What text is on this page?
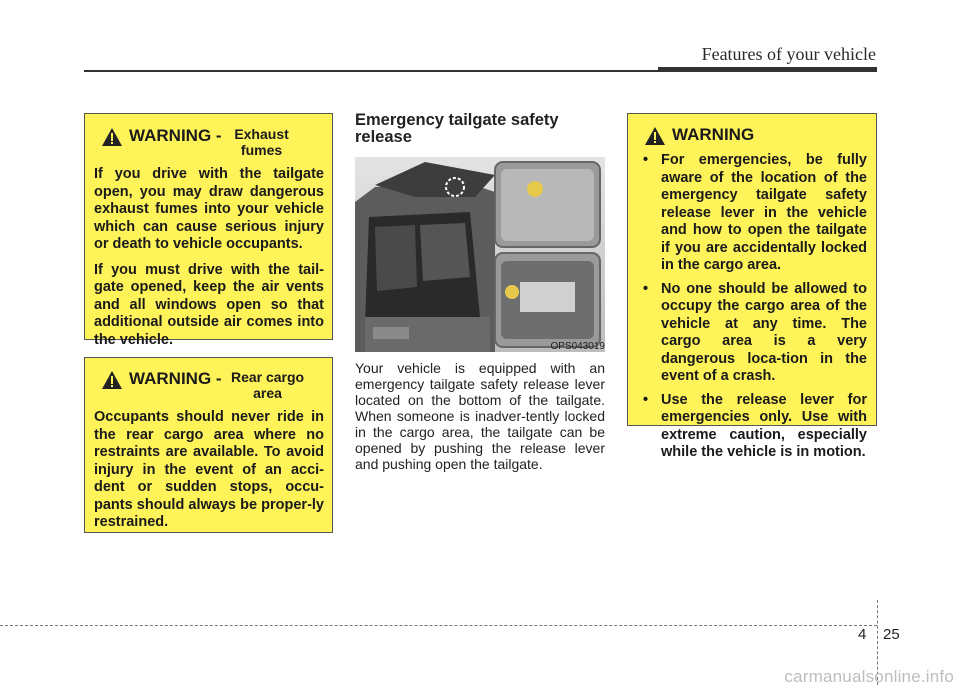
Features of your vehicle
WARNING - Exhaust fumes

If you drive with the tailgate open, you may draw dangerous exhaust fumes into your vehicle which can cause serious injury or death to vehicle occupants.

If you must drive with the tail-gate opened, keep the air vents and all windows open so that additional outside air comes into the vehicle.

WARNING - Rear cargo area

Occupants should never ride in the rear cargo area where no restraints are available. To avoid injury in the event of an acci-dent or sudden stops, occu-pants should always be proper-ly restrained.

Emergency tailgate safety release
OPS043019

Your vehicle is equipped with an emergency tailgate safety release lever located on the bottom of the tailgate. When someone is inadver-tently locked in the cargo area, the tailgate can be opened by pushing the release lever and pushing open the tailgate.

WARNING
• For emergencies, be fully aware of the location of the emergency tailgate safety release lever in the vehicle and how to open the tailgate if you are accidentally locked in the cargo area.
• No one should be allowed to occupy the cargo area of the vehicle at any time. The cargo area is a very dangerous loca-tion in the event of a crash.
• Use the release lever for emergencies only. Use with extreme caution, especially while the vehicle is in motion.
4 25
carmanualsonline.info
